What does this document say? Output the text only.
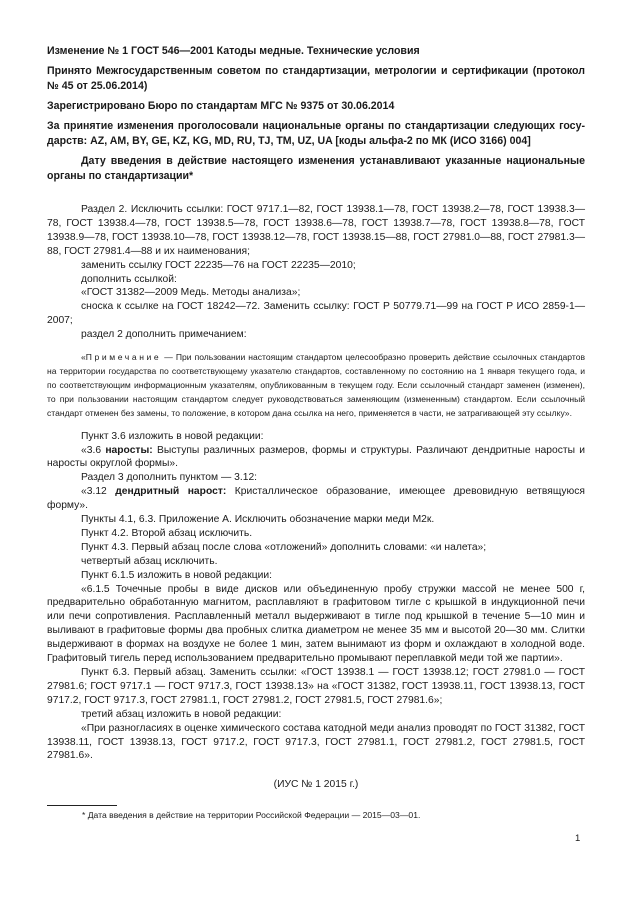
Изменение № 1 ГОСТ 546—2001 Катоды медные. Технические условия
Принято Межгосударственным советом по стандартизации, метрологии и сертификации (протокол № 45 от 25.06.2014)
Зарегистрировано Бюро по стандартам МГС № 9375 от 30.06.2014
За принятие изменения проголосовали национальные органы по стандартизации следующих государств: AZ, AM, BY, GE, KZ, KG, MD, RU, TJ, TM, UZ, UA [коды альфа-2 по МК (ИСО 3166) 004]
Дату введения в действие настоящего изменения устанавливают указанные национальные органы по стандартизации*

Раздел 2. Исключить ссылки: ГОСТ 9717.1—82, ГОСТ 13938.1—78, ГОСТ 13938.2—78, ГОСТ 13938.3—78, ГОСТ 13938.4—78, ГОСТ 13938.5—78, ГОСТ 13938.6—78, ГОСТ 13938.7—78, ГОСТ 13938.8—78, ГОСТ 13938.9—78, ГОСТ 13938.10—78, ГОСТ 13938.12—78, ГОСТ 13938.15—88, ГОСТ 27981.0—88, ГОСТ 27981.3—88, ГОСТ 27981.4—88 и их наименования;

заменить ссылку ГОСТ 22235—76 на ГОСТ 22235—2010;

дополнить ссылкой:

«ГОСТ 31382—2009 Медь. Методы анализа»;

сноска к ссылке на ГОСТ 18242—72. Заменить ссылку: ГОСТ Р 50779.71—99 на ГОСТ Р ИСО 2859-1—2007;

раздел 2 дополнить примечанием:

«Примечание — При пользовании настоящим стандартом целесообразно проверить действие ссылочных стандартов на территории государства по соответствующему указателю стандартов, составленному по состоянию на 1 января текущего года, и по соответствующим информационным указателям, опубликованным в текущем году. Если ссылочный стандарт заменен (изменен), то при пользовании настоящим стандартом следует руководствоваться заменяющим (измененным) стандартом. Если ссылочный стандарт отменен без замены, то положение, в котором дана ссылка на него, применяется в части, не затрагивающей эту ссылку».

Пункт 3.6 изложить в новой редакции:

«3.6 наросты: Выступы различных размеров, формы и структуры. Различают дендритные наросты и наросты округлой формы».

Раздел 3 дополнить пунктом — 3.12:

«3.12 дендритный нарост: Кристаллическое образование, имеющее древовидную ветвящуюся форму».

Пункты 4.1, 6.3. Приложение А. Исключить обозначение марки меди М2к.

Пункт 4.2. Второй абзац исключить.

Пункт 4.3. Первый абзац после слова «отложений» дополнить словами: «и налета»;

четвертый абзац исключить.

Пункт 6.1.5 изложить в новой редакции:

«6.1.5 Точечные пробы в виде дисков или объединенную пробу стружки массой не менее 500 г, предварительно обработанную магнитом, расплавляют в графитовом тигле с крышкой в индукционной печи или печи сопротивления. Расплавленный металл выдерживают в тигле под крышкой в течение 5—10 мин и выливают в графитовые формы два пробных слитка диаметром не менее 35 мм и высотой 20—30 мм. Слитки выдерживают в формах на воздухе не более 1 мин, затем вынимают из форм и охлаждают в холодной воде. Графитовый тигель перед использованием предварительно промывают переплавкой меди той же партии».

Пункт 6.3. Первый абзац. Заменить ссылки: «ГОСТ 13938.1 — ГОСТ 13938.12; ГОСТ 27981.0 — ГОСТ 27981.6; ГОСТ 9717.1 — ГОСТ 9717.3, ГОСТ 13938.13» на «ГОСТ 31382, ГОСТ 13938.11, ГОСТ 13938.13, ГОСТ 9717.2, ГОСТ 9717.3, ГОСТ 27981.1, ГОСТ 27981.2, ГОСТ 27981.5, ГОСТ 27981.6»;

третий абзац изложить в новой редакции:

«При разногласиях в оценке химического состава катодной меди анализ проводят по ГОСТ 31382, ГОСТ 13938.11, ГОСТ 13938.13, ГОСТ 9717.2, ГОСТ 9717.3, ГОСТ 27981.1, ГОСТ 27981.2, ГОСТ 27981.5, ГОСТ 27981.6».

(ИУС № 1 2015 г.)
* Дата введения в действие на территории Российской Федерации — 2015—03—01.
1
